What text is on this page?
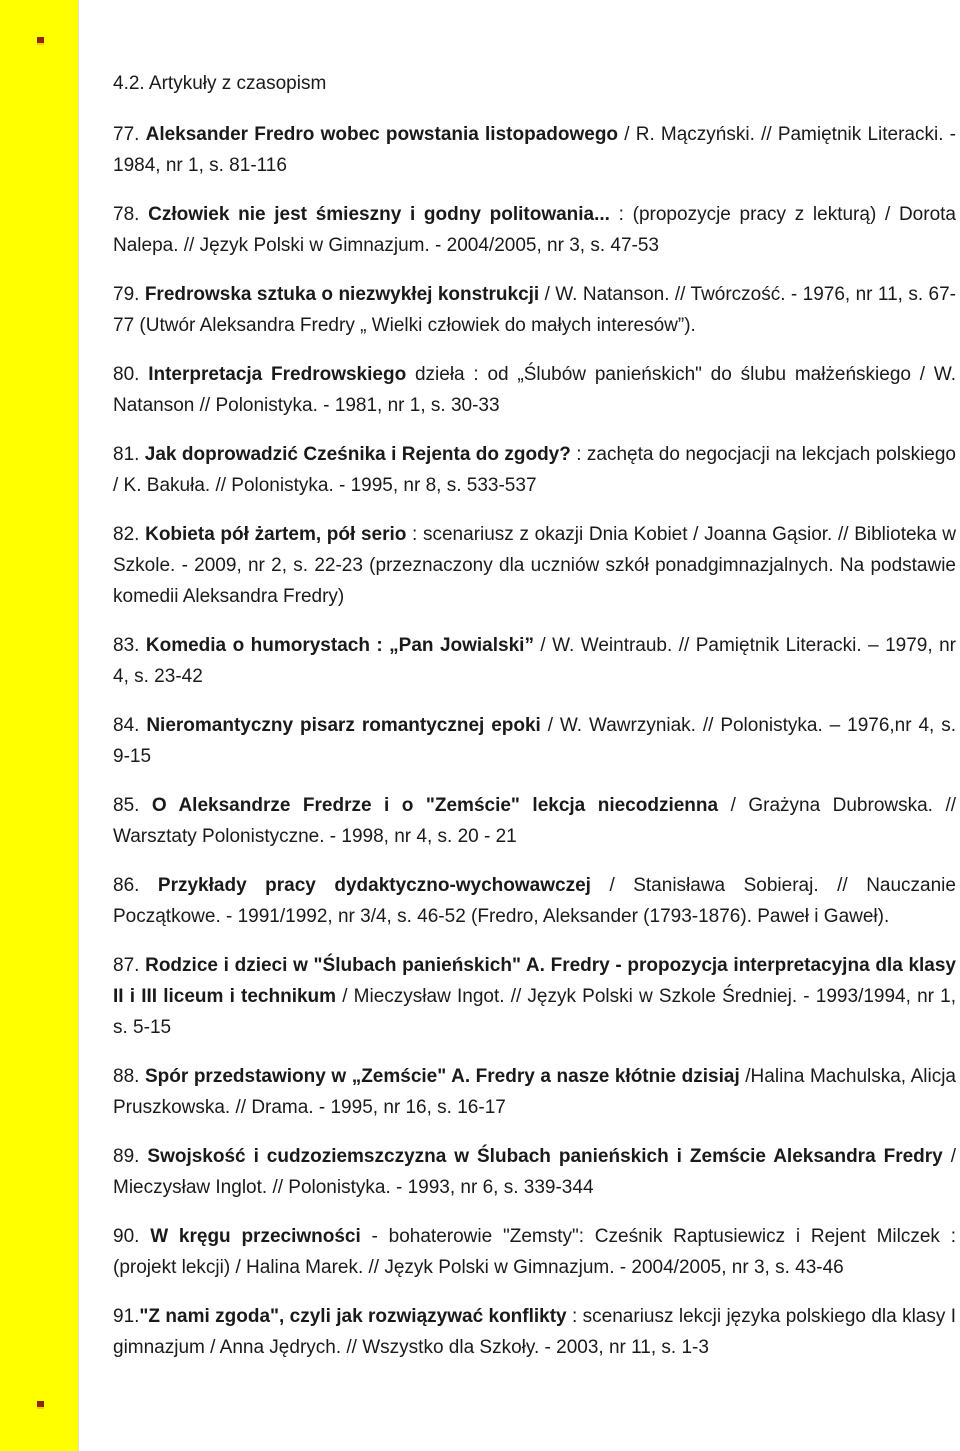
4.2. Artykuły z czasopism

77. Aleksander Fredro wobec powstania listopadowego / R. Mączyński. // Pamiętnik Literacki. - 1984, nr 1, s. 81-116

78. Człowiek nie jest śmieszny i godny politowania... : (propozycje pracy z lekturą) / Dorota Nalepa. // Język Polski w Gimnazjum. - 2004/2005, nr 3, s. 47-53

79. Fredrowska sztuka o niezwykłej konstrukcji / W. Natanson. // Twórczość. - 1976, nr 11, s. 67-77 (Utwór Aleksandra Fredry „ Wielki człowiek do małych interesów”).

80. Interpretacja Fredrowskiego dzieła : od „Ślubów panieńskich" do ślubu małżeńskiego / W. Natanson // Polonistyka. - 1981, nr 1, s. 30-33

81. Jak doprowadzić Cześnika i Rejenta do zgody? : zachęta do negocjacji na lekcjach polskiego / K. Bakuła. // Polonistyka. - 1995, nr 8, s. 533-537

82. Kobieta pół żartem, pół serio : scenariusz z okazji Dnia Kobiet / Joanna Gąsior. // Biblioteka w Szkole. - 2009, nr 2, s. 22-23 (przeznaczony dla uczniów szkół ponadgimnazjalnych. Na podstawie komedii Aleksandra Fredry)

83. Komedia o humorystach : „Pan Jowialski” / W. Weintraub. // Pamiętnik Literacki. – 1979, nr 4, s. 23-42

84. Nieromantyczny pisarz romantycznej epoki / W. Wawrzyniak. // Polonistyka. – 1976,nr 4, s. 9-15

85. O Aleksandrze Fredrze i o "Zemście" lekcja niecodzienna / Grażyna Dubrowska. // Warsztaty Polonistyczne. - 1998, nr 4, s. 20 - 21

86. Przykłady pracy dydaktyczno-wychowawczej / Stanisława Sobieraj. // Nauczanie Początkowe. - 1991/1992, nr 3/4, s. 46-52 (Fredro, Aleksander (1793-1876). Paweł i Gaweł).

87. Rodzice i dzieci w "Ślubach panieńskich" A. Fredry - propozycja interpretacyjna dla klasy II i III liceum i technikum / Mieczysław Ingot. // Język Polski w Szkole Średniej. - 1993/1994, nr 1, s. 5-15

88. Spór przedstawiony w „Zemście" A. Fredry a nasze kłótnie dzisiaj /Halina Machulska, Alicja Pruszkowska. // Drama. - 1995, nr 16, s. 16-17

89. Swojskość i cudzoziemszczyzna w Ślubach panieńskich i Zemście Aleksandra Fredry / Mieczysław Inglot. // Polonistyka. - 1993, nr 6, s. 339-344

90. W kręgu przeciwności - bohaterowie "Zemsty": Cześnik Raptusiewicz i Rejent Milczek : (projekt lekcji) / Halina Marek. // Język Polski w Gimnazjum. - 2004/2005, nr 3, s. 43-46

91."Z nami zgoda", czyli jak rozwiązywać konflikty : scenariusz lekcji języka polskiego dla klasy I gimnazjum / Anna Jędrych. // Wszystko dla Szkoły. - 2003, nr 11, s. 1-3
